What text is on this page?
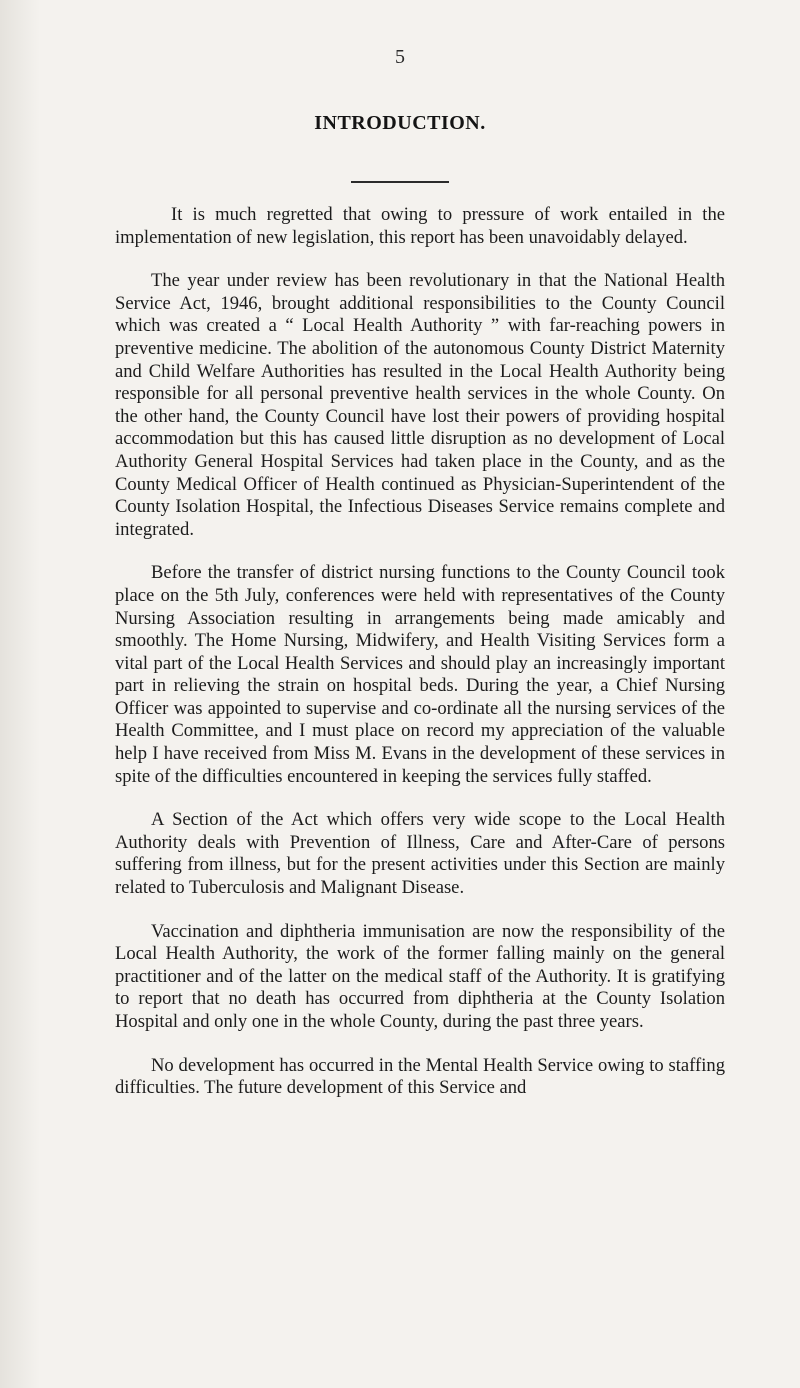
5
INTRODUCTION.

It is much regretted that owing to pressure of work entailed in the implementation of new legislation, this report has been unavoidably delayed.

The year under review has been revolutionary in that the National Health Service Act, 1946, brought additional responsibilities to the County Council which was created a “ Local Health Authority ” with far-reaching powers in preventive medicine. The abolition of the autonomous County District Maternity and Child Welfare Authorities has resulted in the Local Health Authority being responsible for all personal preventive health services in the whole County. On the other hand, the County Council have lost their powers of providing hospital accommodation but this has caused little disruption as no development of Local Authority General Hospital Services had taken place in the County, and as the County Medical Officer of Health continued as Physician-Superintendent of the County Isolation Hospital, the Infectious Diseases Service remains complete and integrated.

Before the transfer of district nursing functions to the County Council took place on the 5th July, conferences were held with representatives of the County Nursing Association resulting in arrangements being made amicably and smoothly. The Home Nursing, Midwifery, and Health Visiting Services form a vital part of the Local Health Services and should play an increasingly important part in relieving the strain on hospital beds. During the year, a Chief Nursing Officer was appointed to supervise and co-ordinate all the nursing services of the Health Committee, and I must place on record my appreciation of the valuable help I have received from Miss M. Evans in the development of these services in spite of the difficulties encountered in keeping the services fully staffed.

A Section of the Act which offers very wide scope to the Local Health Authority deals with Prevention of Illness, Care and After-Care of persons suffering from illness, but for the present activities under this Section are mainly related to Tuberculosis and Malignant Disease.

Vaccination and diphtheria immunisation are now the responsibility of the Local Health Authority, the work of the former falling mainly on the general practitioner and of the latter on the medical staff of the Authority. It is gratifying to report that no death has occurred from diphtheria at the County Isolation Hospital and only one in the whole County, during the past three years.

No development has occurred in the Mental Health Service owing to staffing difficulties. The future development of this Service and
